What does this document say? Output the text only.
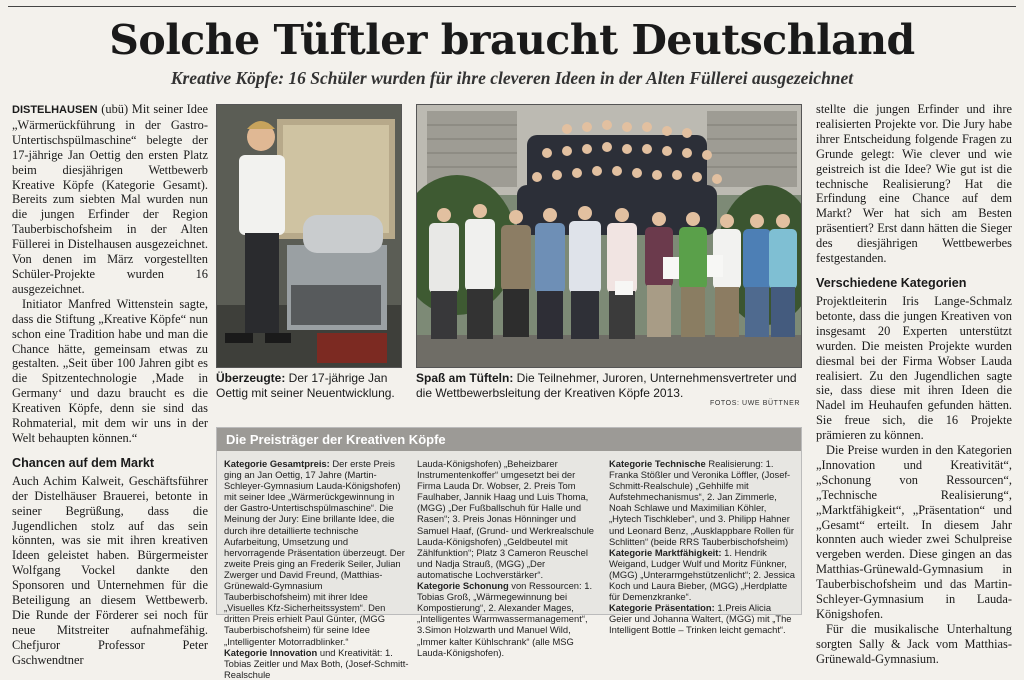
Solche Tüftler braucht Deutschland
Kreative Köpfe: 16 Schüler wurden für ihre cleveren Ideen in der Alten Füllerei ausgezeichnet

DISTELHAUSEN (ubü) Mit seiner Idee „Wärmerückführung in der Gastro-Untertischspülmaschine“ belegte der 17-jährige Jan Oettig den ersten Platz beim diesjährigen Wettbewerb Kreative Köpfe (Kategorie Gesamt). Bereits zum siebten Mal wurden nun die jungen Erfinder der Region Tauberbischofsheim in der Alten Füllerei in Distelhausen ausgezeichnet. Von denen im März vorgestellten Schüler-Projekte wurden 16 ausgezeichnet.

Initiator Manfred Wittenstein sagte, dass die Stiftung „Kreative Köpfe“ nun schon eine Tradition habe und man die Chance hätte, gemeinsam etwas zu gestalten. „Seit über 100 Jahren gibt es die Spitzentechnologie ‚Made in Germany‘ und dazu braucht es die Kreativen Köpfe, denn sie sind das Rohmaterial, mit dem wir uns in der Welt behaupten können.“

Chancen auf dem Markt

Auch Achim Kalweit, Geschäftsführer der Distelhäuser Brauerei, betonte in seiner Begrüßung, dass die Jugendlichen stolz auf das sein könnten, was sie mit ihren kreativen Ideen geleistet haben. Bürgermeister Wolfgang Vockel dankte den Sponsoren und Unternehmen für die Beteiligung an diesem Wettbewerb. Die Runde der Förderer sei noch für neue Mitstreiter aufnahmefähig. Chefjuror Professor Peter Gschwendtner

Überzeugte: Der 17-jährige Jan Oettig mit seiner Neuentwicklung.
Spaß am Tüfteln: Die Teilnehmer, Juroren, Unternehmensvertreter und die Wettbewerbsleitung der Kreativen Köpfe 2013.
FOTOS: UWE BÜTTNER
Die Preisträger der Kreativen Köpfe

Kategorie Gesamtpreis: Der erste Preis ging an Jan Oettig, 17 Jahre (Martin-Schleyer-Gymnasium Lauda-Königshofen) mit seiner Idee „Wärmerückgewinnung in der Gastro-Untertischspülmaschine“. Die Meinung der Jury: Eine brillante Idee, die durch ihre detaillierte technische Aufarbeitung, Umsetzung und hervorragende Präsentation überzeugt. Der zweite Preis ging an Frederik Seiler, Julian Zwerger und David Freund, (Matthias-Grünewald-Gymnasium Tauberbischofsheim) mit ihrer Idee „Visuelles Kfz-Sicherheitssystem“. Den dritten Preis erhielt Paul Günter, (MGG Tauberbischofsheim) für seine Idee „Intelligenter Motorradblinker.“

Kategorie Innovation und Kreativität: 1. Tobias Zeitler und Max Both, (Josef-Schmitt-Realschule

Lauda-Königshofen) „Beheizbarer Instrumentenkoffer“ umgesetzt bei der Firma Lauda Dr. Wobser, 2. Preis Tom Faulhaber, Jannik Haag und Luis Thoma, (MGG) „Der Fußballschuh für Halle und Rasen“; 3. Preis Jonas Hönninger und Samuel Haaf, (Grund- und Werkrealschule Lauda-Königshofen) „Geldbeutel mit Zählfunktion“; Platz 3 Cameron Reuschel und Nadja Strauß, (MGG) „Der automatische Lochverstärker“.

Kategorie Schonung von Ressourcen: 1. Tobias Groß, „Wärmegewinnung bei Kompostierung“, 2. Alexander Mages, „Intelligentes Warmwassermanagement“, 3.Simon Holzwarth und Manuel Wild, „Immer kalter Kühlschrank“ (alle MSG Lauda-Königshofen).

Kategorie Technische Realisierung: 1. Franka Stößler und Veronika Löffler, (Josef-Schmitt-Realschule) „Gehhilfe mit Aufstehmechanismus“, 2. Jan Zimmerle, Noah Schlawe und Maximilian Köhler, „Hytech Tischkleber“, und 3. Philipp Hahner und Leonard Benz, „Ausklappbare Rollen für Schlitten“ (beide RRS Tauberbischofsheim)

Kategorie Marktfähigkeit: 1. Hendrik Weigand, Ludger Wulf und Moritz Fünkner, (MGG) „Unterarmgehstützenlicht“; 2. Jessica Koch und Laura Bieber, (MGG) „Herdplatte für Demenzkranke“.

Kategorie Präsentation: 1.Preis Alicia Geier und Johanna Waltert, (MGG) mit „The Intelligent Bottle – Trinken leicht gemacht“.

stellte die jungen Erfinder und ihre realisierten Projekte vor. Die Jury habe ihrer Entscheidung folgende Fragen zu Grunde gelegt: Wie clever und wie geistreich ist die Idee? Wie gut ist die technische Realisierung? Hat die Erfindung eine Chance auf dem Markt? Wer hat sich am Besten präsentiert? Erst dann hätten die Sieger des diesjährigen Wettbewerbes festgestanden.

Verschiedene Kategorien

Projektleiterin Iris Lange-Schmalz betonte, dass die jungen Kreativen von insgesamt 20 Experten unterstützt wurden. Die meisten Projekte wurden diesmal bei der Firma Wobser Lauda realisiert. Zu den Jugendlichen sagte sie, dass diese mit ihren Ideen die Nadel im Heuhaufen gefunden hätten. Sie freue sich, die 16 Projekte prämieren zu können.

Die Preise wurden in den Kategorien „Innovation und Kreativität“, „Schonung von Ressourcen“, „Technische Realisierung“, „Marktfähigkeit“, „Präsentation“ und „Gesamt“ erteilt. In diesem Jahr konnten auch wieder zwei Schulpreise vergeben werden. Diese gingen an das Matthias-Grünewald-Gymnasium in Tauberbischofsheim und das Martin-Schleyer-Gymnasium in Lauda-Königshofen.

Für die musikalische Unterhaltung sorgten Sally & Jack vom Matthias-Grünewald-Gymnasium.
